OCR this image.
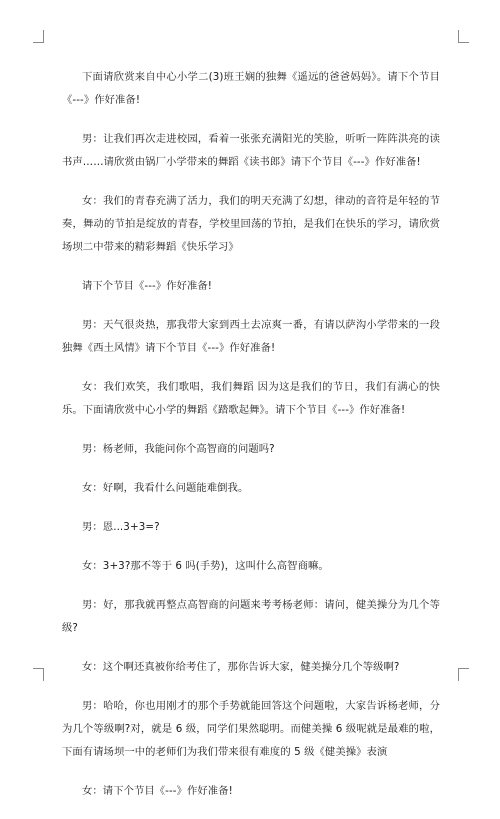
下面请欣赏来自中心小学二(3)班王娴的独舞《遥远的爸爸妈妈》。请下个节目《---》作好准备!

男：让我们再次走进校园，看着一张张充满阳光的笑脸，听听一阵阵洪亮的读书声……请欣赏由锅厂小学带来的舞蹈《读书郎》请下个节目《---》作好准备!

女：我们的青春充满了活力，我们的明天充满了幻想，律动的音符是年轻的节奏，舞动的节拍是绽放的青春，学校里回荡的节拍，是我们在快乐的学习，请欣赏场坝二中带来的精彩舞蹈《快乐学习》

请下个节目《---》作好准备!

男：天气很炎热，那我带大家到西土去凉爽一番，有请以萨沟小学带来的一段独舞《西土风情》请下个节目《---》作好准备!

女：我们欢笑，我们歌唱，我们舞蹈 因为这是我们的节日，我们有满心的快乐。下面请欣赏中心小学的舞蹈《踏歌起舞》。请下个节目《---》作好准备!

男：杨老师，我能问你个高智商的问题吗?

女：好啊，我看什么问题能难倒我。

男：恩...3+3=?

女：3+3?那不等于 6 吗(手势)，这叫什么高智商嘛。

男：好，那我就再整点高智商的问题来考考杨老师：请问，健美操分为几个等级?

女：这个啊还真被你给考住了，那你告诉大家，健美操分几个等级啊?

男：哈哈，你也用刚才的那个手势就能回答这个问题啦，大家告诉杨老师，分为几个等级啊?对，就是 6 级，同学们果然聪明。而健美操 6 级呢就是最难的啦，下面有请场坝一中的老师们为我们带来很有难度的 5 级《健美操》表演

女：请下个节目《---》作好准备!
